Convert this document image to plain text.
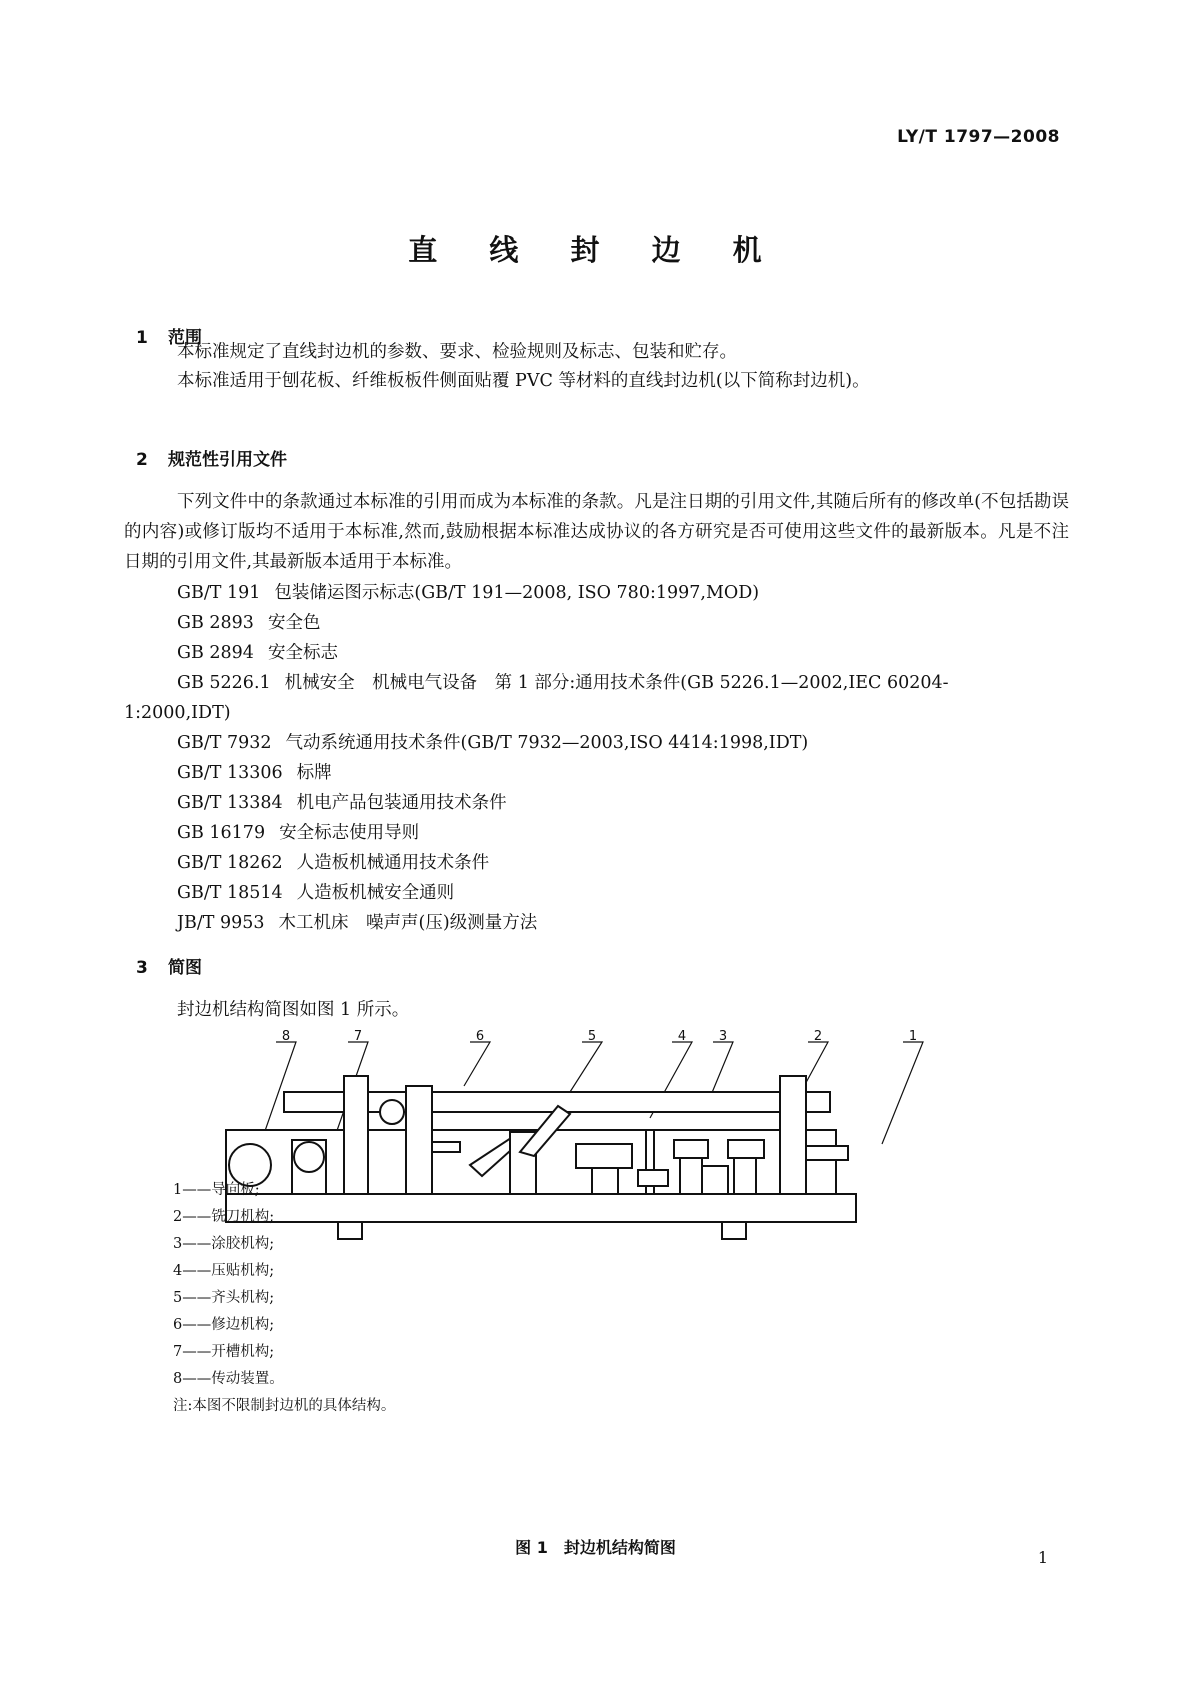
LY/T 1797—2008
直 线 封 边 机
1 范围
本标准规定了直线封边机的参数、要求、检验规则及标志、包装和贮存。
本标准适用于刨花板、纤维板板件侧面贴覆 PVC 等材料的直线封边机(以下简称封边机)。
2 规范性引用文件
下列文件中的条款通过本标准的引用而成为本标准的条款。凡是注日期的引用文件,其随后所有的修改单(不包括勘误的内容)或修订版均不适用于本标准,然而,鼓励根据本标准达成协议的各方研究是否可使用这些文件的最新版本。凡是不注日期的引用文件,其最新版本适用于本标准。
GB/T 191 包装储运图示标志(GB/T 191—2008, ISO 780:1997,MOD)
GB 2893 安全色
GB 2894 安全标志
GB 5226.1 机械安全　机械电气设备　第 1 部分:通用技术条件(GB 5226.1—2002,IEC 60204-
1:2000,IDT)
GB/T 7932 气动系统通用技术条件(GB/T 7932—2003,ISO 4414:1998,IDT)
GB/T 13306 标牌
GB/T 13384 机电产品包装通用技术条件
GB 16179 安全标志使用导则
GB/T 18262 人造板机械通用技术条件
GB/T 18514 人造板机械安全通则
JB/T 9953 木工机床　噪声声(压)级测量方法
3 简图
封边机结构简图如图 1 所示。
8	7	6	5	4	3	2	1
1——导向板;
2——铣刀机构;
3——涂胶机构;
4——压贴机构;
5——齐头机构;
6——修边机构;
7——开槽机构;
8——传动装置。
注:本图不限制封边机的具体结构。
图 1　封边机结构简图
1
